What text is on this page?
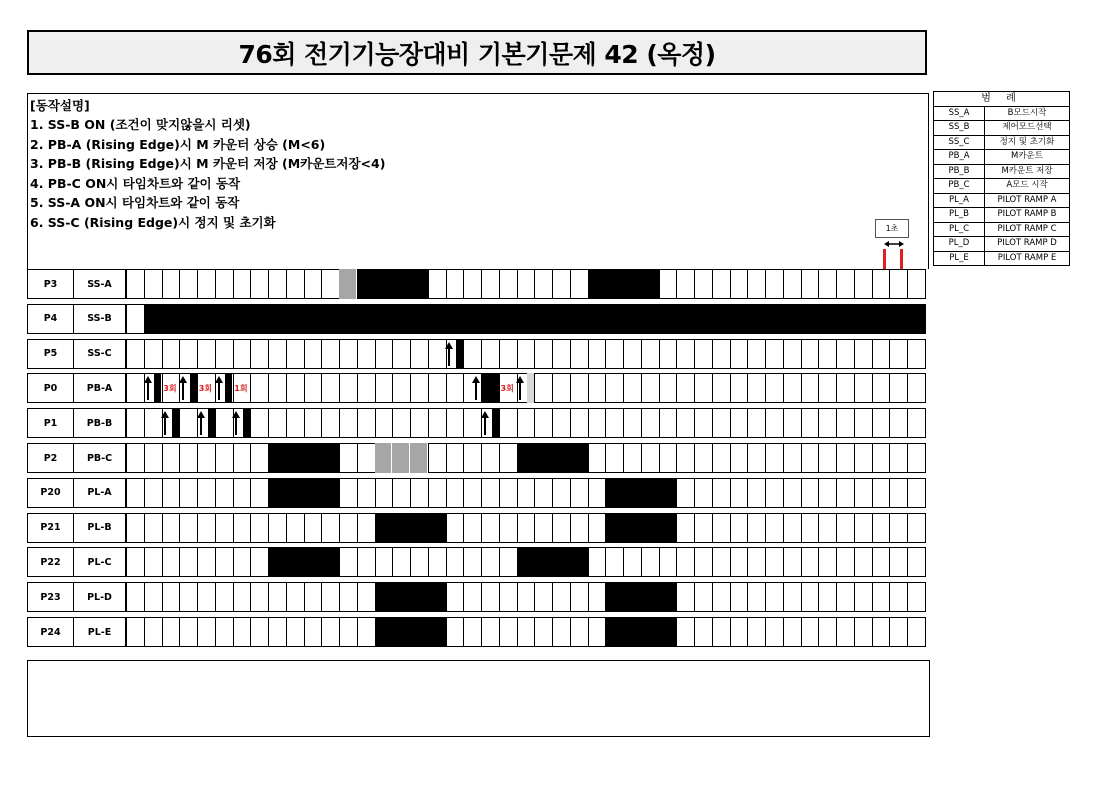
76회 전기기능장대비 기본기문제 42 (옥정)
[동작설명]
1. SS-B ON (조건이 맞지않을시 리셋)
2. PB-A (Rising Edge)시 M 카운터 상승 (M<6)
3. PB-B (Rising Edge)시 M 카운터 저장 (M카운트저장<4)
4. PB-C ON시 타임차트와 같이 동작
5. SS-A ON시 타임차트와 같이 동작
6. SS-C (Rising Edge)시 정지 및 초기화
범 례	
SS_A	B모드시작
SS_B	제어모드선택
SS_C	정지 및 초기화
PB_A	M카운트
PB_B	M카운트 저장
PB_C	A모드 시작
PL_A	PILOT RAMP A
PL_B	PILOT RAMP B
PL_C	PILOT RAMP C
PL_D	PILOT RAMP D
PL_E	PILOT RAMP E
1초
P3	SS-A
P4	SS-B
P5	SS-C
P0	PB-A	3회	3회	1회	3회
P1	PB-B
P2	PB-C
P20	PL-A
P21	PL-B
P22	PL-C
P23	PL-D
P24	PL-E
